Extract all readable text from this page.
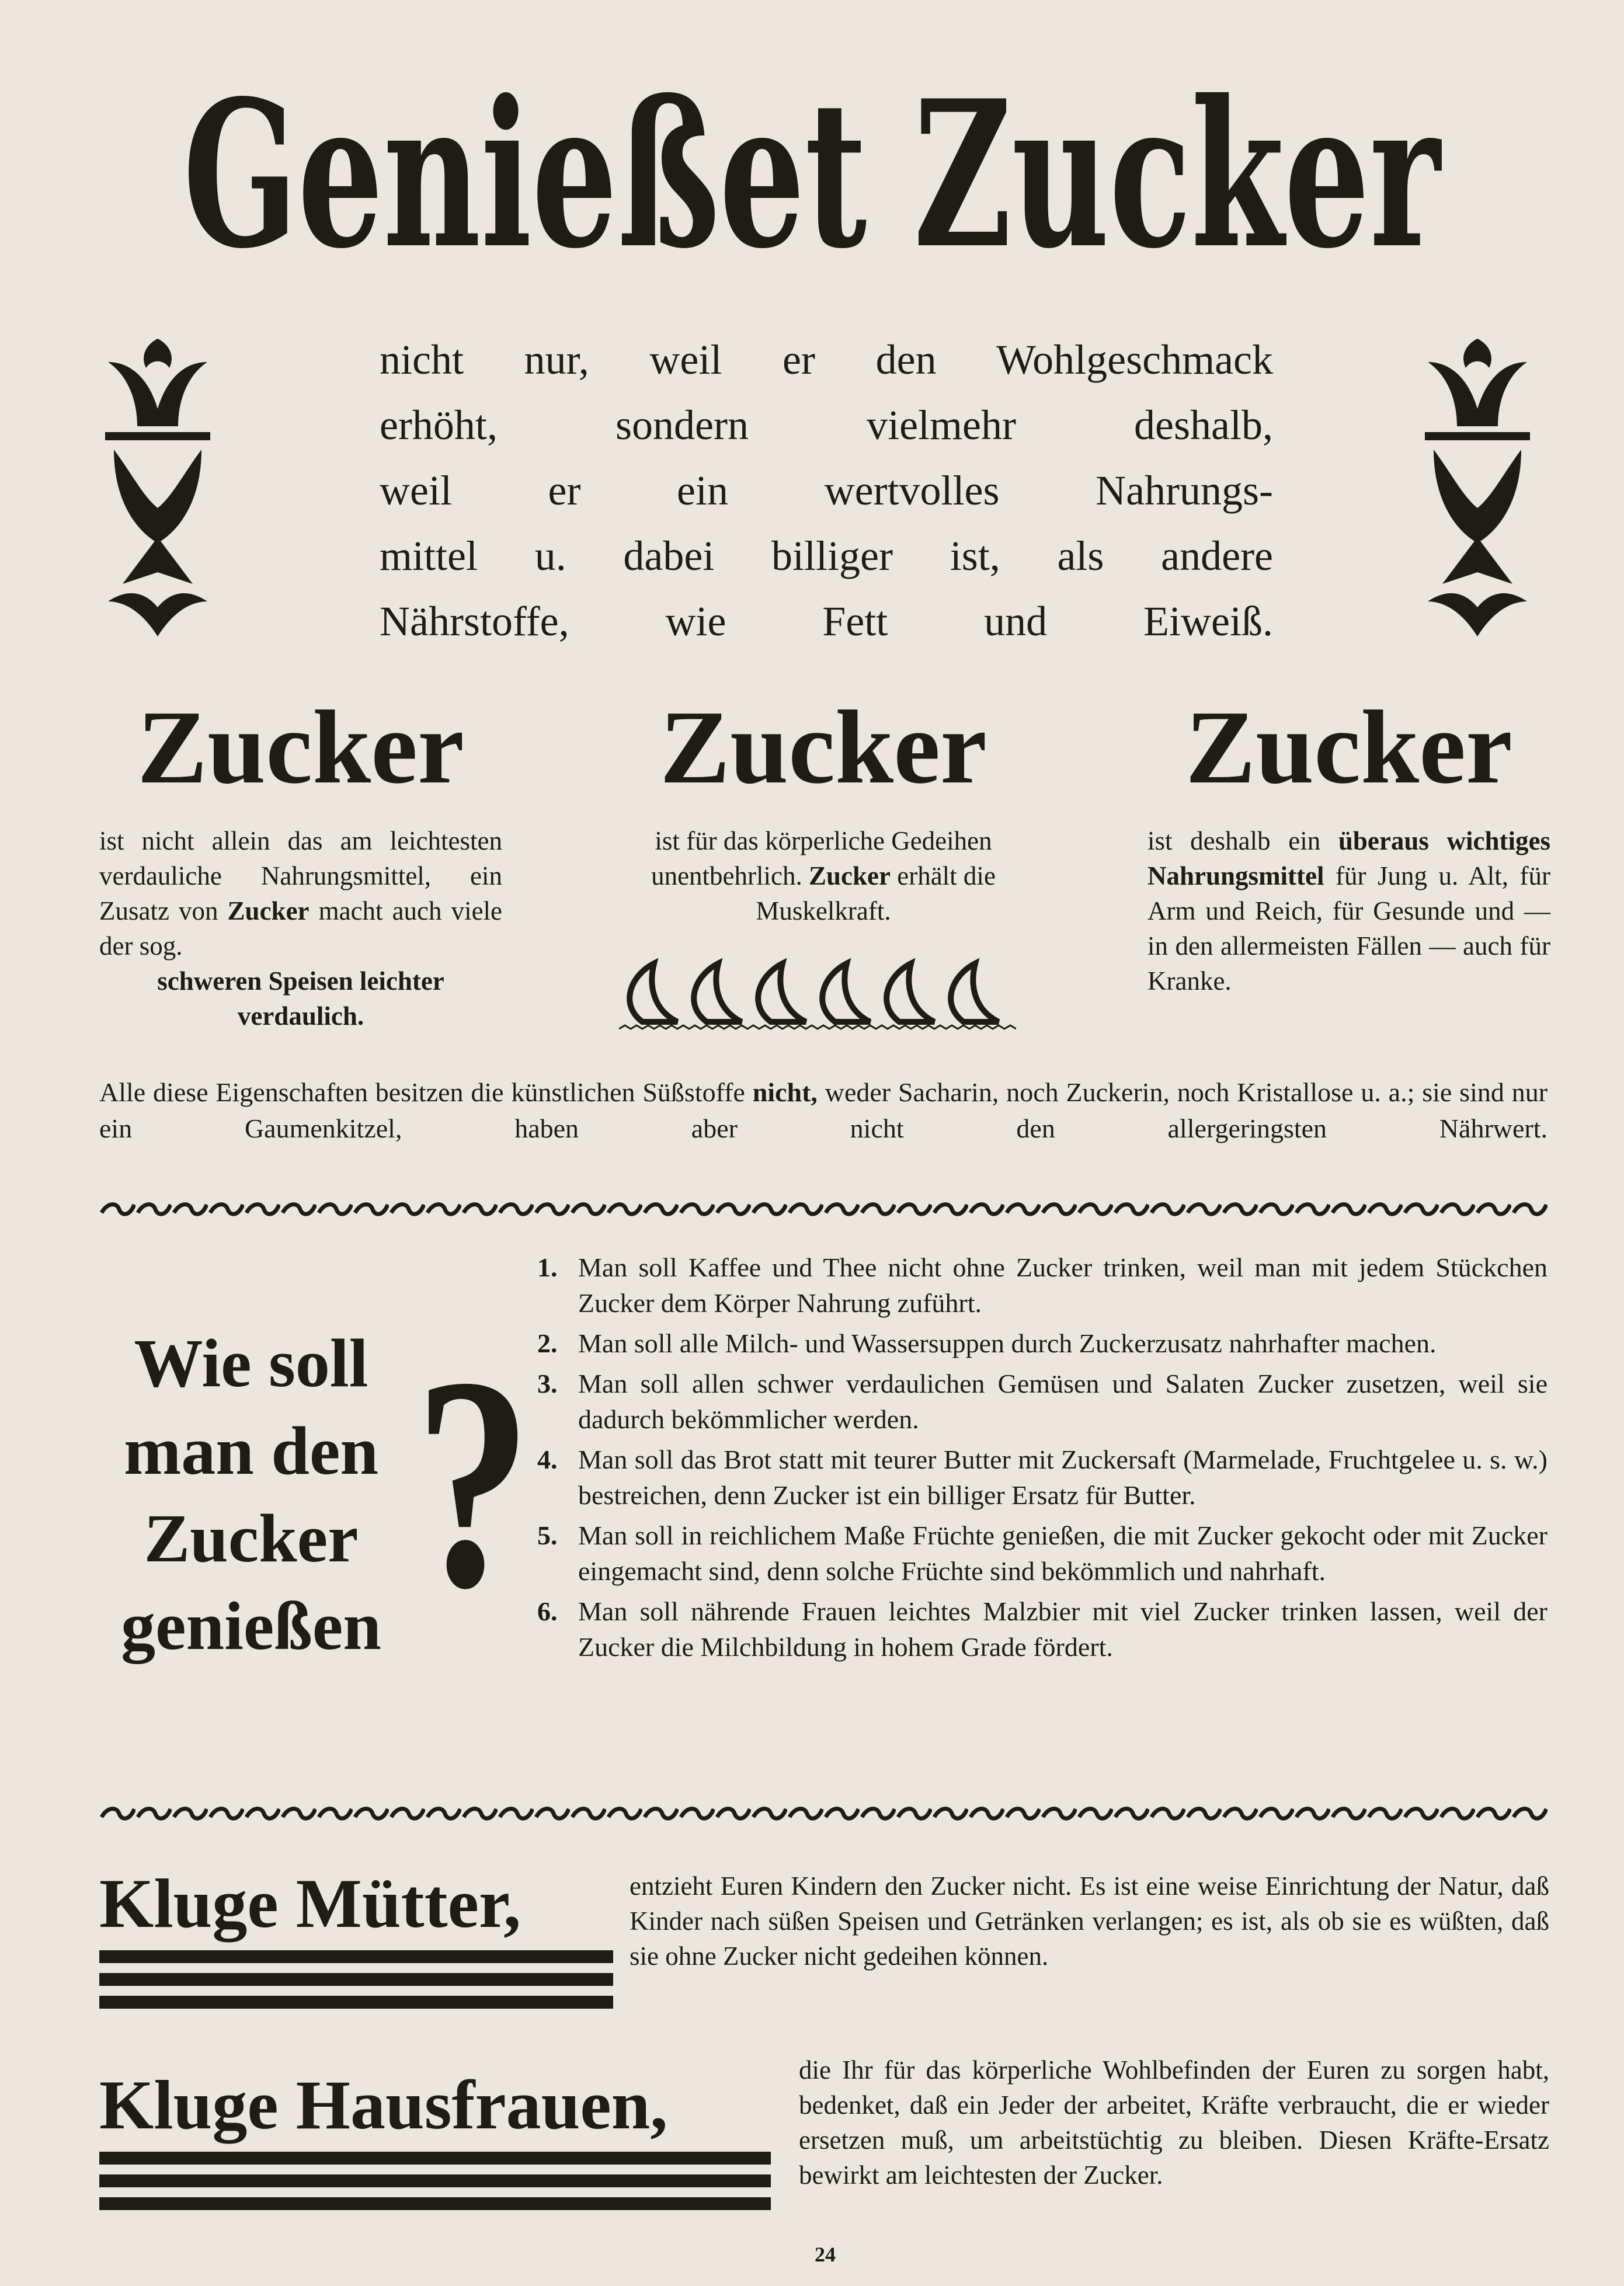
Genießet Zucker
nicht nur, weil er den Wohlgeschmack
erhöht, sondern vielmehr deshalb,
weil er ein wertvolles Nahrungs-
mittel u. dabei billiger ist, als andere
Nährstoffe, wie Fett und Eiweiß.
Zucker
ist nicht allein das am leichtesten verdauliche Nahrungsmittel, ein Zusatz von Zucker macht auch viele der sog.
schweren Speisen leichter verdaulich.
Zucker
ist für das körperliche Gedeihen unentbehrlich. Zucker erhält die Muskelkraft.
Zucker
ist deshalb ein überaus wichtiges Nahrungsmittel für Jung u. Alt, für Arm und Reich, für Gesunde und — in den allermeisten Fällen — auch für Kranke.
Alle diese Eigenschaften besitzen die künstlichen Süßstoffe nicht, weder Sacharin, noch Zuckerin, noch Kristallose u. a.; sie sind nur ein Gaumenkitzel, haben aber nicht den allergeringsten Nährwert.
Wie soll
man den
Zucker
genießen ?
1. Man soll Kaffee und Thee nicht ohne Zucker trinken, weil man mit jedem Stückchen Zucker dem Körper Nahrung zuführt.
2. Man soll alle Milch- und Wassersuppen durch Zuckerzusatz nahrhafter machen.
3. Man soll allen schwer verdaulichen Gemüsen und Salaten Zucker zusetzen, weil sie dadurch bekömmlicher werden.
4. Man soll das Brot statt mit teurer Butter mit Zuckersaft (Marmelade, Fruchtgelee u. s. w.) bestreichen, denn Zucker ist ein billiger Ersatz für Butter.
5. Man soll in reichlichem Maße Früchte genießen, die mit Zucker gekocht oder mit Zucker eingemacht sind, denn solche Früchte sind bekömmlich und nahrhaft.
6. Man soll nährende Frauen leichtes Malzbier mit viel Zucker trinken lassen, weil der Zucker die Milchbildung in hohem Grade fördert.
Kluge Mütter,	entzieht Euren Kindern den Zucker nicht. Es ist eine weise Einrichtung der Natur, daß Kinder nach süßen Speisen und Getränken verlangen; es ist, als ob sie es wüßten, daß sie ohne Zucker nicht gedeihen können.
Kluge Hausfrauen,	die Ihr für das körperliche Wohlbefinden der Euren zu sorgen habt, bedenket, daß ein Jeder der arbeitet, Kräfte verbraucht, die er wieder ersetzen muß, um arbeitstüchtig zu bleiben. Diesen Kräfte-Ersatz bewirkt am leichtesten der Zucker.
24
